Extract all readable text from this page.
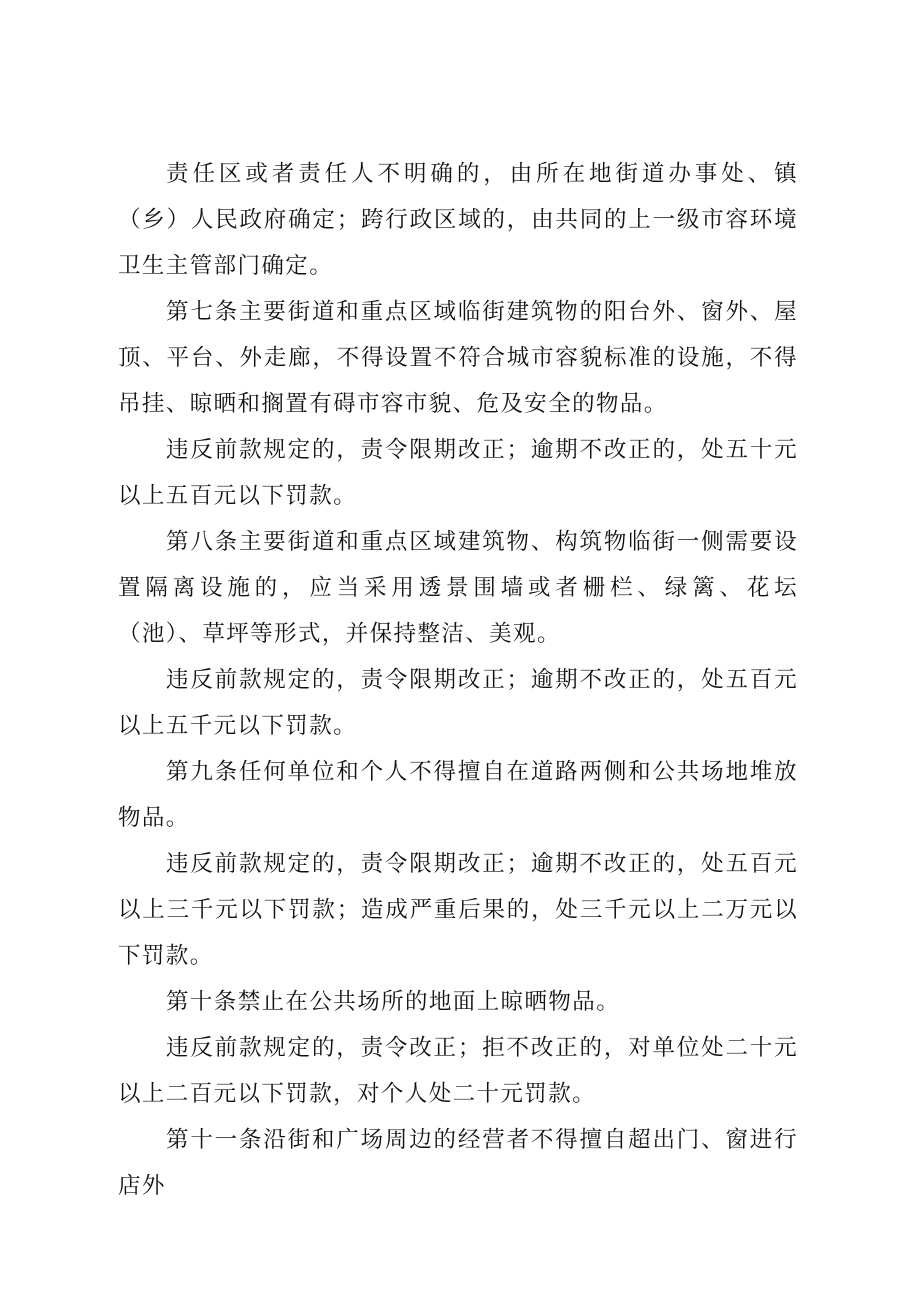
责任区或者责任人不明确的，由所在地街道办事处、镇（乡）人民政府确定；跨行政区域的，由共同的上一级市容环境卫生主管部门确定。

第七条主要街道和重点区域临街建筑物的阳台外、窗外、屋顶、平台、外走廊，不得设置不符合城市容貌标准的设施，不得吊挂、晾晒和搁置有碍市容市貌、危及安全的物品。

违反前款规定的，责令限期改正；逾期不改正的，处五十元以上五百元以下罚款。

第八条主要街道和重点区域建筑物、构筑物临街一侧需要设置隔离设施的，应当采用透景围墙或者栅栏、绿篱、花坛（池）、草坪等形式，并保持整洁、美观。

违反前款规定的，责令限期改正；逾期不改正的，处五百元以上五千元以下罚款。

第九条任何单位和个人不得擅自在道路两侧和公共场地堆放物品。

违反前款规定的，责令限期改正；逾期不改正的，处五百元以上三千元以下罚款；造成严重后果的，处三千元以上二万元以下罚款。

第十条禁止在公共场所的地面上晾晒物品。

违反前款规定的，责令改正；拒不改正的，对单位处二十元以上二百元以下罚款，对个人处二十元罚款。

第十一条沿街和广场周边的经营者不得擅自超出门、窗进行店外
